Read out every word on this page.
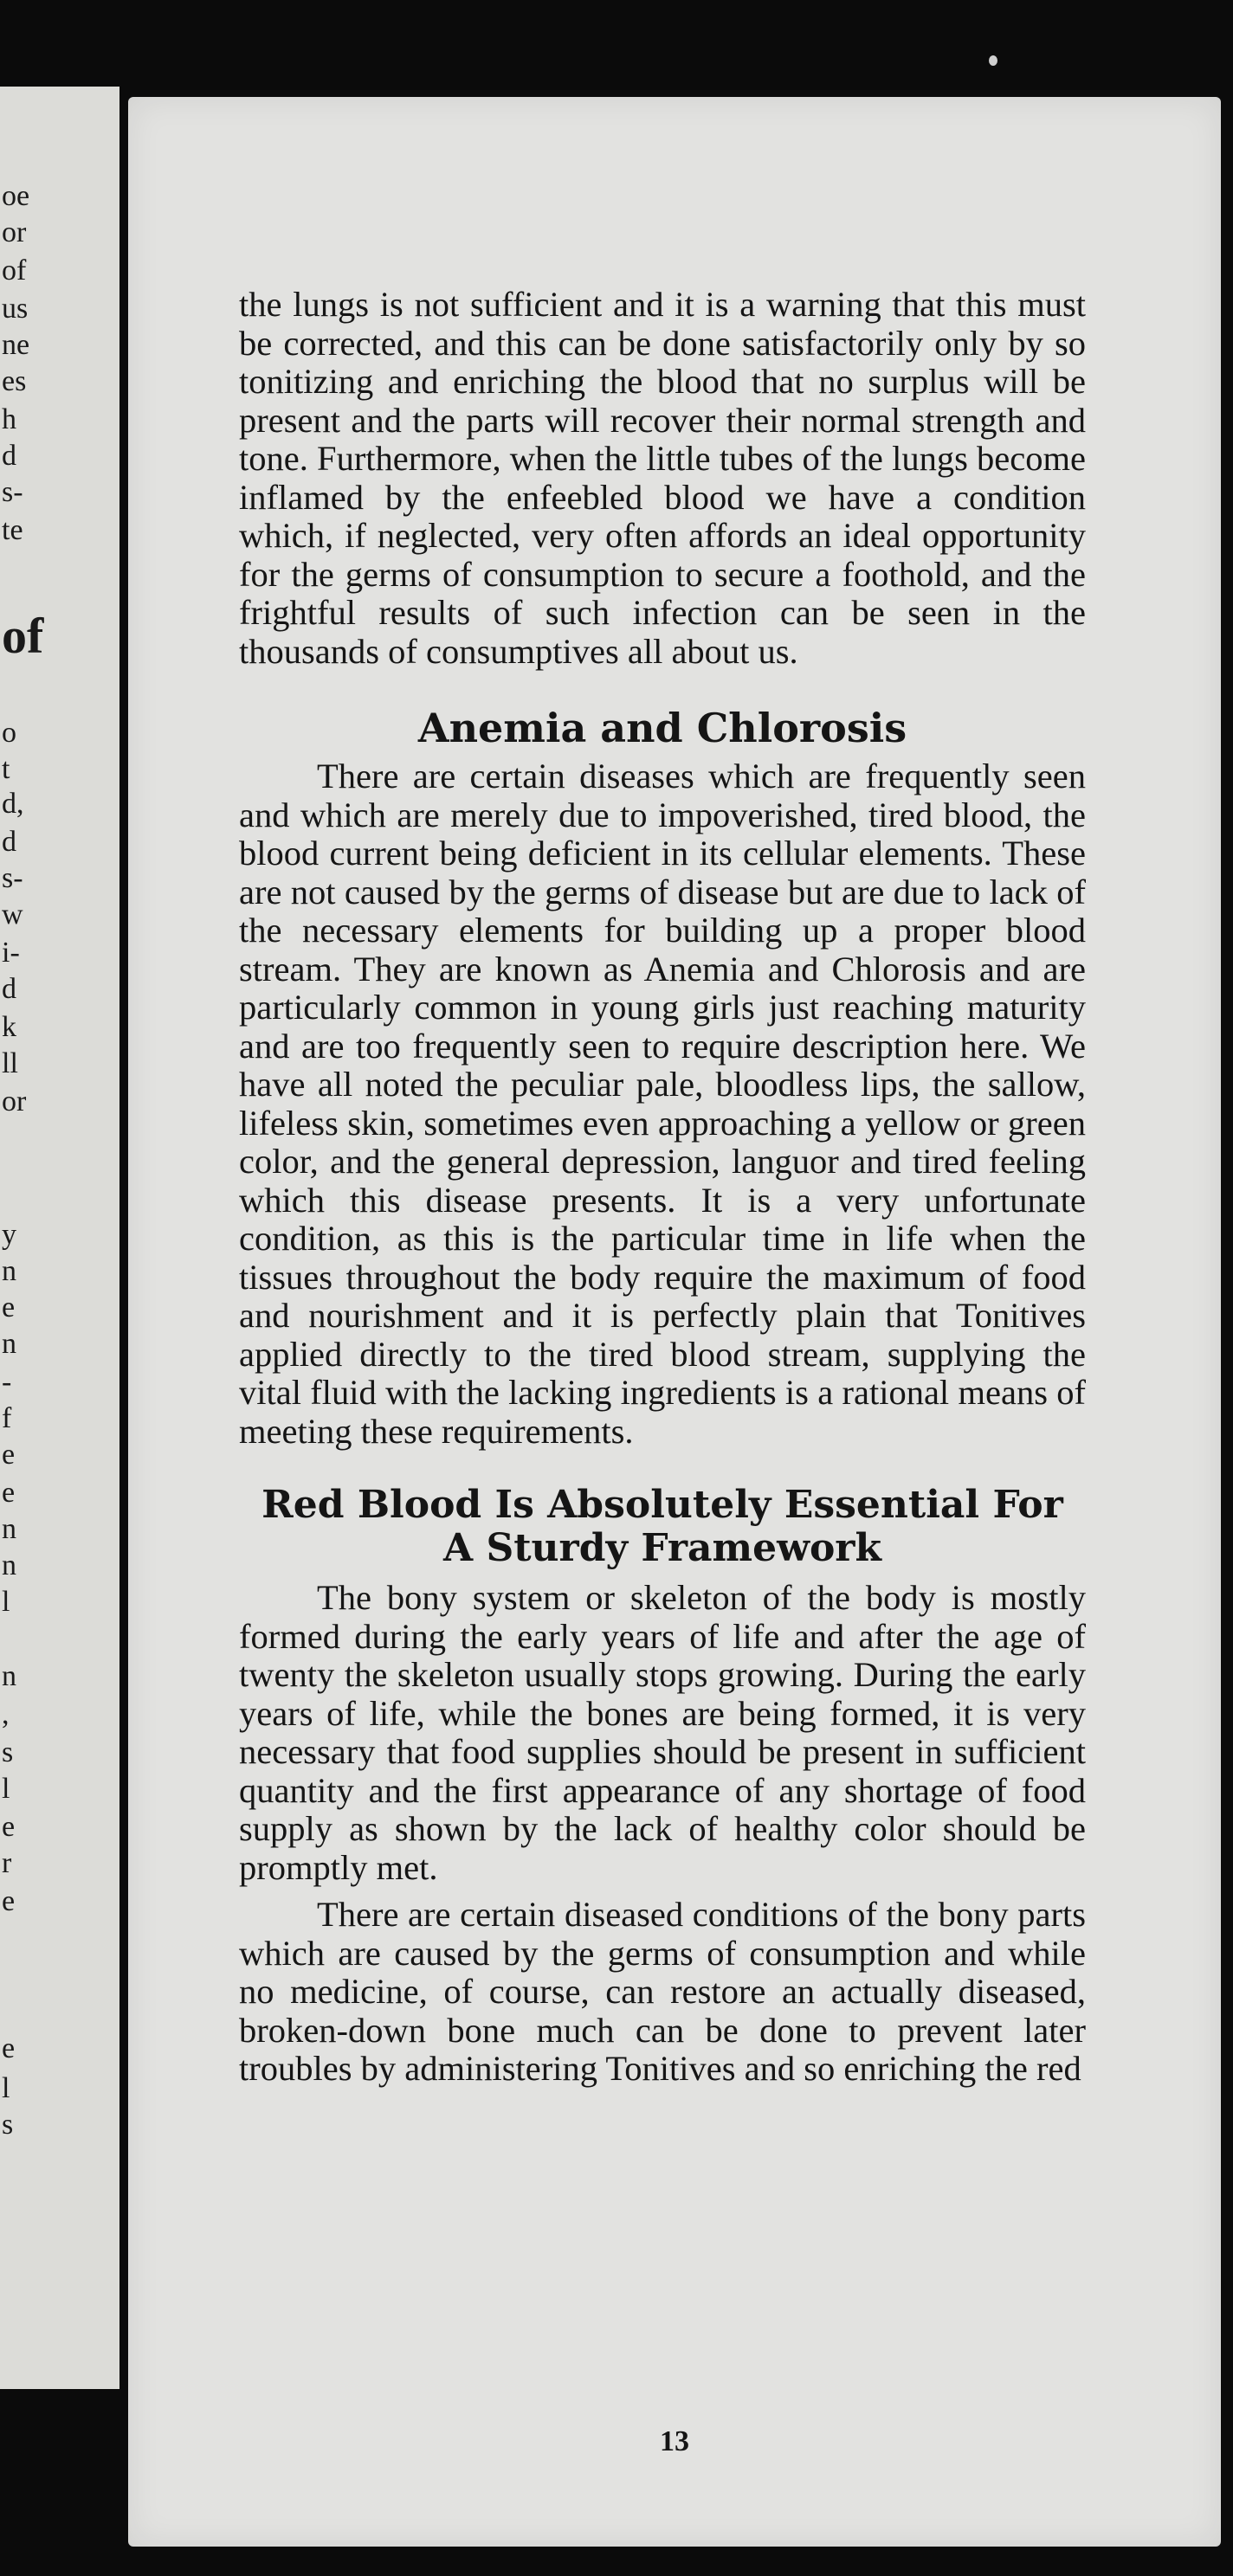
oe
or
of
us
ne
es
h
d
s-
te
of
o
t
d,
d
s-
w
i-
d
k
ll
or
y
n
e
n
-
f
e
e
n
n
l
n
,
s
l
e
r
e
e
l
s

the lungs is not sufficient and it is a warning that this must be corrected, and this can be done satisfactorily only by so tonitizing and enriching the blood that no surplus will be present and the parts will recover their normal strength and tone. Furthermore, when the little tubes of the lungs become inflamed by the enfeebled blood we have a condition which, if neglected, very often affords an ideal opportunity for the germs of consumption to secure a foothold, and the frightful results of such infection can be seen in the thousands of consumptives all about us.

Anemia and Chlorosis

There are certain diseases which are frequently seen and which are merely due to impoverished, tired blood, the blood current being deficient in its cellular elements. These are not caused by the germs of disease but are due to lack of the necessary elements for building up a proper blood stream. They are known as Anemia and Chlorosis and are particularly common in young girls just reaching maturity and are too frequently seen to require description here. We have all noted the peculiar pale, bloodless lips, the sallow, lifeless skin, sometimes even approaching a yellow or green color, and the general depression, languor and tired feeling which this disease presents. It is a very unfortunate condition, as this is the particular time in life when the tissues throughout the body require the maximum of food and nourishment and it is perfectly plain that Tonitives applied directly to the tired blood stream, supplying the vital fluid with the lacking ingredients is a rational means of meeting these requirements.

Red Blood Is Absolutely Essential For
A Sturdy Framework

The bony system or skeleton of the body is mostly formed during the early years of life and after the age of twenty the skeleton usually stops growing. During the early years of life, while the bones are being formed, it is very necessary that food supplies should be present in sufficient quantity and the first appearance of any shortage of food supply as shown by the lack of healthy color should be promptly met.

There are certain diseased conditions of the bony parts which are caused by the germs of consumption and while no medicine, of course, can restore an actually diseased, broken-down bone much can be done to prevent later troubles by administering Tonitives and so enriching the red

13
